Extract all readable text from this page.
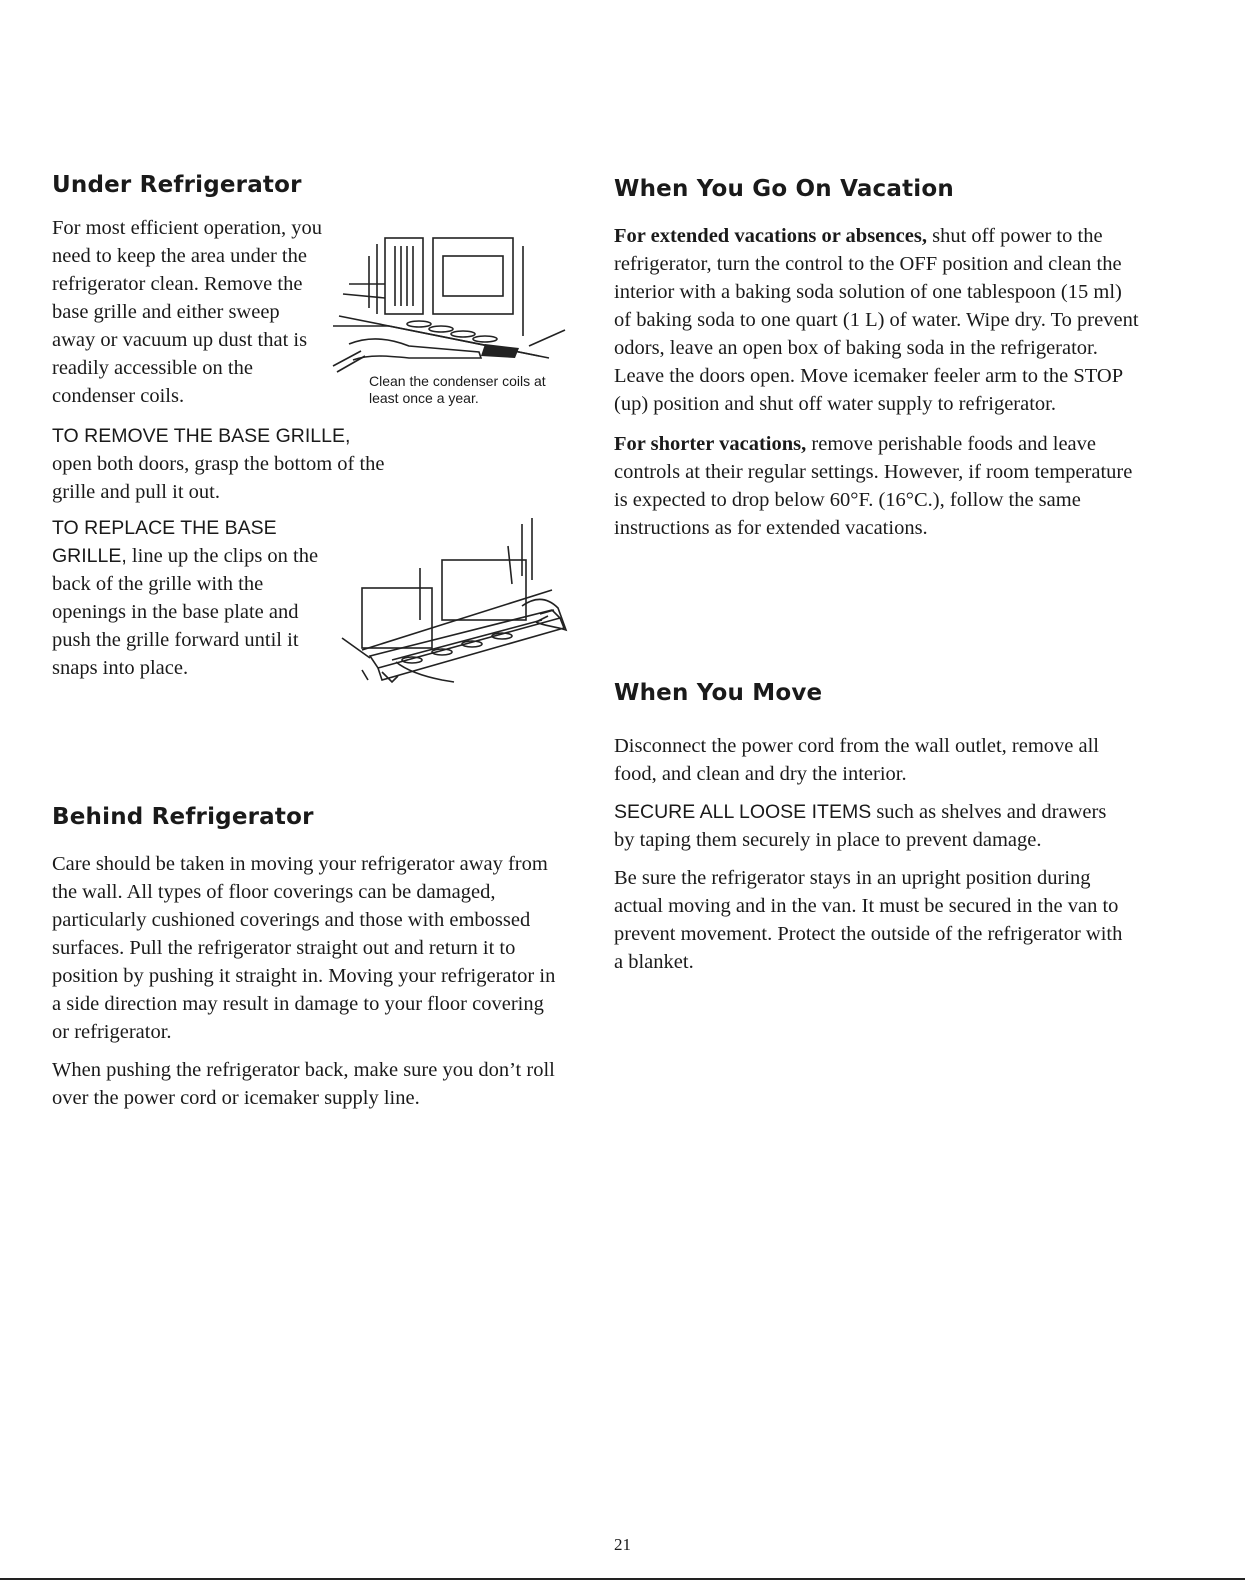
Under Refrigerator

For most efficient operation, you need to keep the area under the refrigerator clean. Remove the base grille and either sweep away or vacuum up dust that is readily accessible on the condenser coils.

Clean the condenser coils at least once a year.

TO REMOVE THE BASE GRILLE, open both doors, grasp the bottom of the grille and pull it out.

TO REPLACE THE BASE GRILLE, line up the clips on the back of the grille with the openings in the base plate and push the grille forward until it snaps into place.

Behind Refrigerator

Care should be taken in moving your refrigerator away from the wall. All types of floor coverings can be damaged, particularly cushioned coverings and those with embossed surfaces. Pull the refrigerator straight out and return it to position by pushing it straight in. Moving your refrigerator in a side direction may result in damage to your floor covering or refrigerator.

When pushing the refrigerator back, make sure you don’t roll over the power cord or icemaker supply line.

When You Go On Vacation

For extended vacations or absences, shut off power to the refrigerator, turn the control to the OFF position and clean the interior with a baking soda solution of one tablespoon (15 ml) of baking soda to one quart (1 L) of water. Wipe dry. To prevent odors, leave an open box of baking soda in the refrigerator. Leave the doors open. Move icemaker feeler arm to the STOP (up) position and shut off water supply to refrigerator.

For shorter vacations, remove perishable foods and leave controls at their regular settings. However, if room temperature is expected to drop below 60°F. (16°C.), follow the same instructions as for extended vacations.

When You Move

Disconnect the power cord from the wall outlet, remove all food, and clean and dry the interior.

SECURE ALL LOOSE ITEMS such as shelves and drawers by taping them securely in place to prevent damage.

Be sure the refrigerator stays in an upright position during actual moving and in the van. It must be secured in the van to prevent movement. Protect the outside of the refrigerator with a blanket.

21
